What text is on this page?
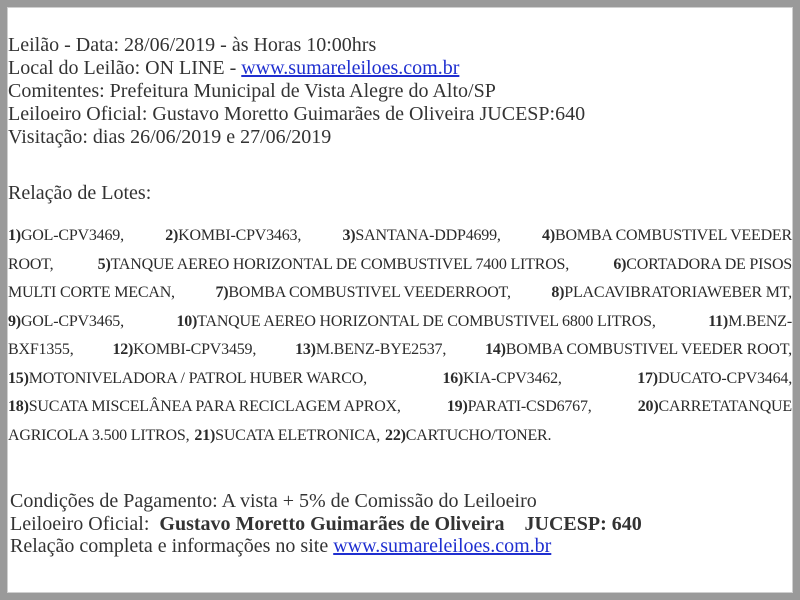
Leilão - Data: 28/06/2019 - às Horas 10:00hrs
Local do Leilão: ON LINE - www.sumareleiloes.com.br
Comitentes: Prefeitura Municipal de Vista Alegre do Alto/SP
Leiloeiro Oficial: Gustavo Moretto Guimarães de Oliveira JUCESP:640
Visitação: dias 26/06/2019 e 27/06/2019
Relação de Lotes:
1)GOL-CPV3469,	2)KOMBI-CPV3463,	3)SANTANA-DDP4699,	4)BOMBA COMBUSTIVEL VEEDER
ROOT,	5)TANQUE AEREO HORIZONTAL DE COMBUSTIVEL 7400 LITROS,	6)CORTADORA DE PISOS
MULTI CORTE MECAN,	7)BOMBA COMBUSTIVEL VEEDERROOT,	8)PLACAVIBRATORIAWEBER MT,
9)GOL-CPV3465,	10)TANQUE AEREO HORIZONTAL DE COMBUSTIVEL 6800 LITROS,	11)M.BENZ-
BXF1355, 12)KOMBI-CPV3459, 13)M.BENZ-BYE2537, 14)BOMBA COMBUSTIVEL VEEDER ROOT,
15)MOTONIVELADORA / PATROL HUBER WARCO,	16)KIA-CPV3462,	17)DUCATO-CPV3464,
18)SUCATA MISCELÂNEA PARA RECICLAGEM APROX,	19)PARATI-CSD6767,	20)CARRETATANQUE
AGRICOLA 3.500 LITROS, 21)SUCATA ELETRONICA, 22)CARTUCHO/TONER.
Condições de Pagamento: A vista + 5% de Comissão do Leiloeiro
Leiloeiro Oficial: Gustavo Moretto Guimarães de Oliveira JUCESP: 640
Relação completa e informações no site www.sumareleiloes.com.br
